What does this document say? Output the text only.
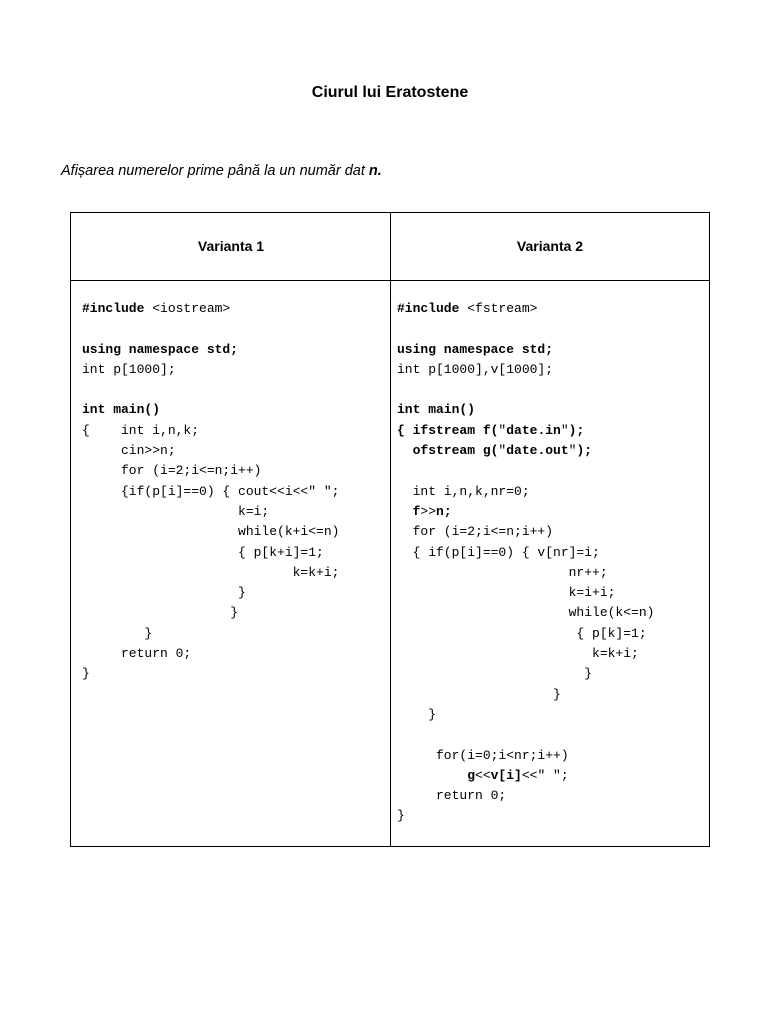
Ciurul lui Eratostene

Afișarea numerelor prime până la un număr dat n.

Varianta 1	Varianta 2
#include <iostream>
using namespace std;
int p[1000];
int main()
{    int i,n,k;
cin>>n;
for (i=2;i<=n;i++)
{if(p[i]==0) { cout<<i<<" ";
k=i;
while(k+i<=n)
{ p[k+i]=1;
k=k+i;
}
}
}
return 0;
}
#include <fstream>
using namespace std;
int p[1000],v[1000];
int main()
{ ifstream f("date.in");
ofstream g("date.out");
int i,n,k,nr=0;
f>>n;
for (i=2;i<=n;i++)
{ if(p[i]==0) { v[nr]=i;
nr++;
k=i+i;
while(k<=n)
{ p[k]=1;
k=k+i;
}
}
}
for(i=0;i<nr;i++)
g<<v[i]<<" ";
return 0;
}
